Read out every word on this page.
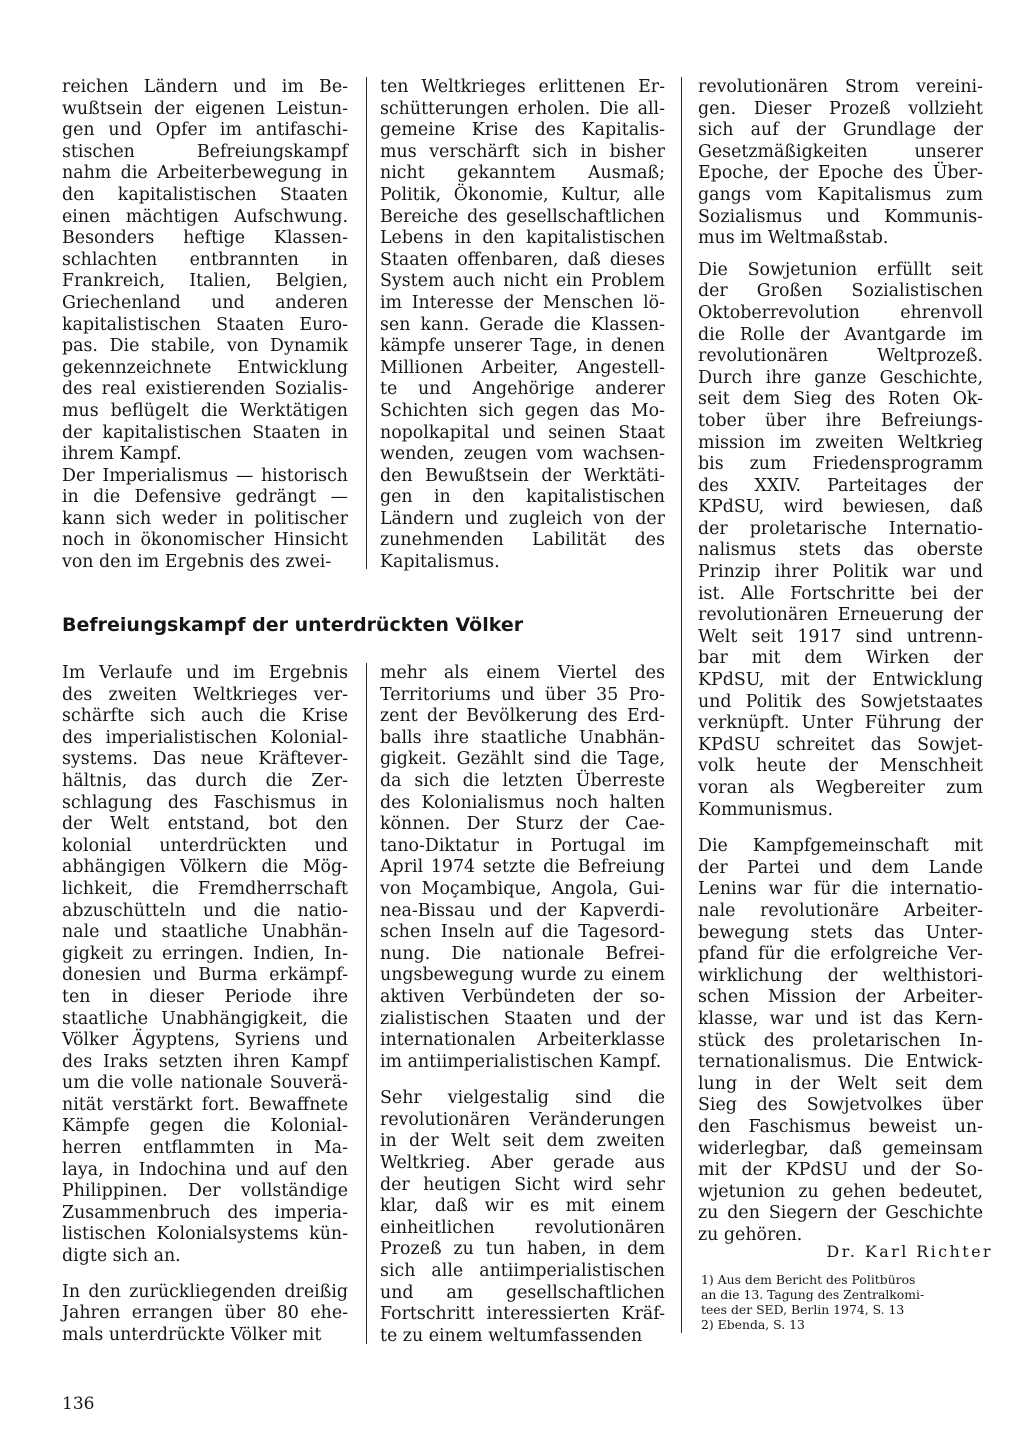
reichen Ländern und im Be-
wußtsein der eigenen Leistun-
gen und Opfer im antifaschi-
stischen Befreiungskampf
nahm die Arbeiterbewegung in
den kapitalistischen Staaten
einen mächtigen Aufschwung.
Besonders heftige Klassen-
schlachten entbrannten in
Frankreich, Italien, Belgien,
Griechenland und anderen
kapitalistischen Staaten Euro-
pas. Die stabile, von Dynamik
gekennzeichnete Entwicklung
des real existierenden Sozialis-
mus beflügelt die Werktätigen
der kapitalistischen Staaten in
ihrem Kampf.

Der Imperialismus — historisch
in die Defensive gedrängt —
kann sich weder in politischer
noch in ökonomischer Hinsicht
von den im Ergebnis des zwei-

ten Weltkrieges erlittenen Er-
schütterungen erholen. Die all-
gemeine Krise des Kapitalis-
mus verschärft sich in bisher
nicht gekanntem Ausmaß;
Politik, Ökonomie, Kultur, alle
Bereiche des gesellschaftlichen
Lebens in den kapitalistischen
Staaten offenbaren, daß dieses
System auch nicht ein Problem
im Interesse der Menschen lö-
sen kann. Gerade die Klassen-
kämpfe unserer Tage, in denen
Millionen Arbeiter, Angestell-
te und Angehörige anderer
Schichten sich gegen das Mo-
nopolkapital und seinen Staat
wenden, zeugen vom wachsen-
den Bewußtsein der Werktäti-
gen in den kapitalistischen
Ländern und zugleich von der
zunehmenden Labilität des
Kapitalismus.

Befreiungskampf der unterdrückten Völker

Im Verlaufe und im Ergebnis
des zweiten Weltkrieges ver-
schärfte sich auch die Krise
des imperialistischen Kolonial-
systems. Das neue Kräftever-
hältnis, das durch die Zer-
schlagung des Faschismus in
der Welt entstand, bot den
kolonial unterdrückten und
abhängigen Völkern die Mög-
lichkeit, die Fremdherrschaft
abzuschütteln und die natio-
nale und staatliche Unabhän-
gigkeit zu erringen. Indien, In-
donesien und Burma erkämpf-
ten in dieser Periode ihre
staatliche Unabhängigkeit, die
Völker Ägyptens, Syriens und
des Iraks setzten ihren Kampf
um die volle nationale Souverä-
nität verstärkt fort. Bewaffnete
Kämpfe gegen die Kolonial-
herren entflammten in Ma-
laya, in Indochina und auf den
Philippinen. Der vollständige
Zusammenbruch des imperia-
listischen Kolonialsystems kün-
digte sich an.

In den zurückliegenden dreißig
Jahren errangen über 80 ehe-
mals unterdrückte Völker mit

mehr als einem Viertel des
Territoriums und über 35 Pro-
zent der Bevölkerung des Erd-
balls ihre staatliche Unabhän-
gigkeit. Gezählt sind die Tage,
da sich die letzten Überreste
des Kolonialismus noch halten
können. Der Sturz der Cae-
tano-Diktatur in Portugal im
April 1974 setzte die Befreiung
von Moçambique, Angola, Gui-
nea-Bissau und der Kapverdi-
schen Inseln auf die Tagesord-
nung. Die nationale Befrei-
ungsbewegung wurde zu einem
aktiven Verbündeten der so-
zialistischen Staaten und der
internationalen Arbeiterklasse
im antiimperialistischen Kampf.

Sehr vielgestalig sind die
revolutionären Veränderungen
in der Welt seit dem zweiten
Weltkrieg. Aber gerade aus
der heutigen Sicht wird sehr
klar, daß wir es mit einem
einheitlichen revolutionären
Prozeß zu tun haben, in dem
sich alle antiimperialistischen
und am gesellschaftlichen
Fortschritt interessierten Kräf-
te zu einem weltumfassenden

revolutionären Strom vereini-
gen. Dieser Prozeß vollzieht
sich auf der Grundlage der
Gesetzmäßigkeiten unserer
Epoche, der Epoche des Über-
gangs vom Kapitalismus zum
Sozialismus und Kommunis-
mus im Weltmaßstab.

Die Sowjetunion erfüllt seit
der Großen Sozialistischen
Oktoberrevolution ehrenvoll
die Rolle der Avantgarde im
revolutionären Weltprozeß.
Durch ihre ganze Geschichte,
seit dem Sieg des Roten Ok-
tober über ihre Befreiungs-
mission im zweiten Weltkrieg
bis zum Friedensprogramm
des XXIV. Parteitages der
KPdSU, wird bewiesen, daß
der proletarische Internatio-
nalismus stets das oberste
Prinzip ihrer Politik war und
ist. Alle Fortschritte bei der
revolutionären Erneuerung der
Welt seit 1917 sind untrenn-
bar mit dem Wirken der
KPdSU, mit der Entwicklung
und Politik des Sowjetstaates
verknüpft. Unter Führung der
KPdSU schreitet das Sowjet-
volk heute der Menschheit
voran als Wegbereiter zum
Kommunismus.

Die Kampfgemeinschaft mit
der Partei und dem Lande
Lenins war für die internatio-
nale revolutionäre Arbeiter-
bewegung stets das Unter-
pfand für die erfolgreiche Ver-
wirklichung der welthistori-
schen Mission der Arbeiter-
klasse, war und ist das Kern-
stück des proletarischen In-
ternationalismus. Die Entwick-
lung in der Welt seit dem
Sieg des Sowjetvolkes über
den Faschismus beweist un-
widerlegbar, daß gemeinsam
mit der KPdSU und der So-
wjetunion zu gehen bedeutet,
zu den Siegern der Geschichte
zu gehören.

Dr. Karl Richter

1) Aus dem Bericht des Politbüros
an die 13. Tagung des Zentralkomi-
tees der SED, Berlin 1974, S. 13
2) Ebenda, S. 13

136
